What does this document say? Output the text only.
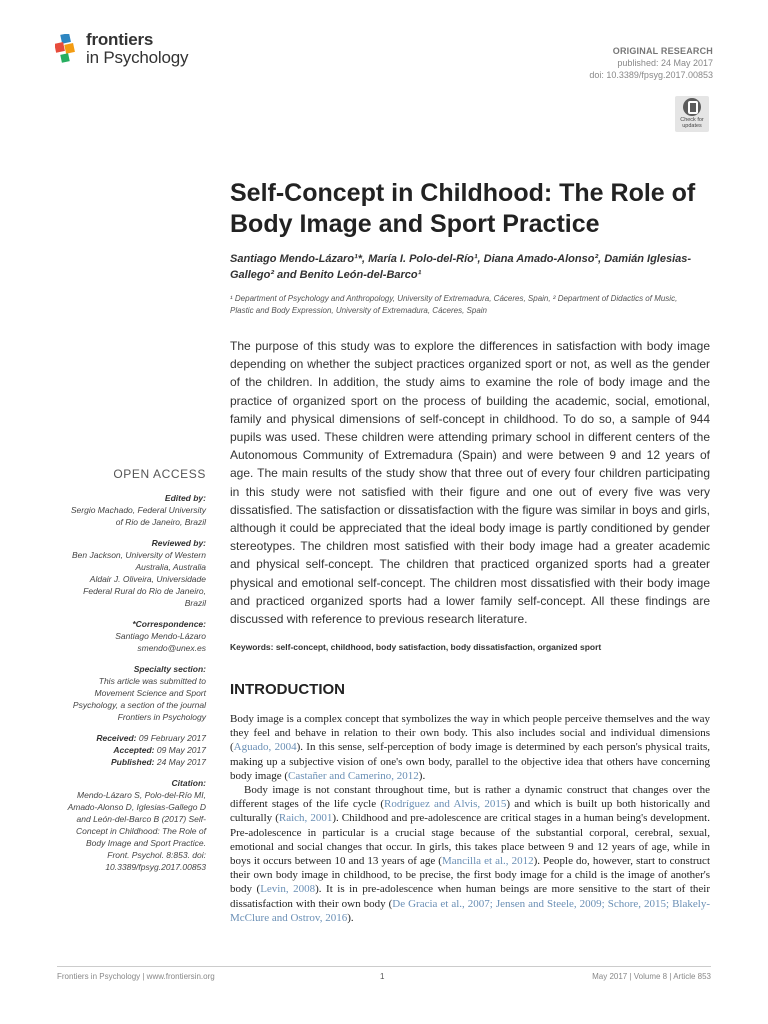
frontiers
in Psychology	ORIGINAL RESEARCH
published: 24 May 2017
doi: 10.3389/fpsyg.2017.00853
Check for updates
Self-Concept in Childhood: The Role of Body Image and Sport Practice
Santiago Mendo-Lázaro¹*, María I. Polo-del-Río¹, Diana Amado-Alonso², Damián Iglesias-Gallego² and Benito León-del-Barco¹
¹ Department of Psychology and Anthropology, University of Extremadura, Cáceres, Spain, ² Department of Didactics of Music, Plastic and Body Expression, University of Extremadura, Cáceres, Spain
The purpose of this study was to explore the differences in satisfaction with body image depending on whether the subject practices organized sport or not, as well as the gender of the children. In addition, the study aims to examine the role of body image and the practice of organized sport on the process of building the academic, social, emotional, family and physical dimensions of self-concept in childhood. To do so, a sample of 944 pupils was used. These children were attending primary school in different centers of the Autonomous Community of Extremadura (Spain) and were between 9 and 12 years of age. The main results of the study show that three out of every four children participating in this study were not satisfied with their figure and one out of every five was very dissatisfied. The satisfaction or dissatisfaction with the figure was similar in boys and girls, although it could be appreciated that the ideal body image is partly conditioned by gender stereotypes. The children most satisfied with their body image had a greater academic and physical self-concept. The children that practiced organized sports had a greater physical and emotional self-concept. The children most dissatisfied with their body image and practiced organized sports had a lower family self-concept. All these findings are discussed with reference to previous research literature.
Keywords: self-concept, childhood, body satisfaction, body dissatisfaction, organized sport
OPEN ACCESS
Edited by:
Sergio Machado, Federal University of Rio de Janeiro, Brazil
Reviewed by:
Ben Jackson, University of Western Australia, Australia
Aldair J. Oliveira, Universidade Federal Rural do Rio de Janeiro, Brazil
*Correspondence:
Santiago Mendo-Lázaro
smendo@unex.es
Specialty section:
This article was submitted to Movement Science and Sport Psychology, a section of the journal Frontiers in Psychology
Received: 09 February 2017
Accepted: 09 May 2017
Published: 24 May 2017
Citation:
Mendo-Lázaro S, Polo-del-Río MI, Amado-Alonso D, Iglesias-Gallego D and León-del-Barco B (2017) Self-Concept in Childhood: The Role of Body Image and Sport Practice. Front. Psychol. 8:853. doi: 10.3389/fpsyg.2017.00853
INTRODUCTION

Body image is a complex concept that symbolizes the way in which people perceive themselves and the way they feel and behave in relation to their own body. This also includes social and individual dimensions (Aguado, 2004). In this sense, self-perception of body image is determined by each person's physical traits, making up a subjective vision of one's own body, parallel to the objective idea that others have concerning body image (Castañer and Camerino, 2012).

Body image is not constant throughout time, but is rather a dynamic construct that changes over the different stages of the life cycle (Rodríguez and Alvis, 2015) and which is built up both historically and culturally (Raich, 2001). Childhood and pre-adolescence are critical stages in a human being's development. Pre-adolescence in particular is a crucial stage because of the substantial corporal, cerebral, sexual, emotional and social changes that occur. In girls, this takes place between 9 and 12 years of age, while in boys it occurs between 10 and 13 years of age (Mancilla et al., 2012). People do, however, start to construct their own body image in childhood, to be precise, the first body image for a child is the image of another's body (Levin, 2008). It is in pre-adolescence when human beings are more sensitive to the start of their dissatisfaction with their own body (De Gracia et al., 2007; Jensen and Steele, 2009; Schore, 2015; Blakely-McClure and Ostrov, 2016).

Frontiers in Psychology | www.frontiersin.org	1	May 2017 | Volume 8 | Article 853
